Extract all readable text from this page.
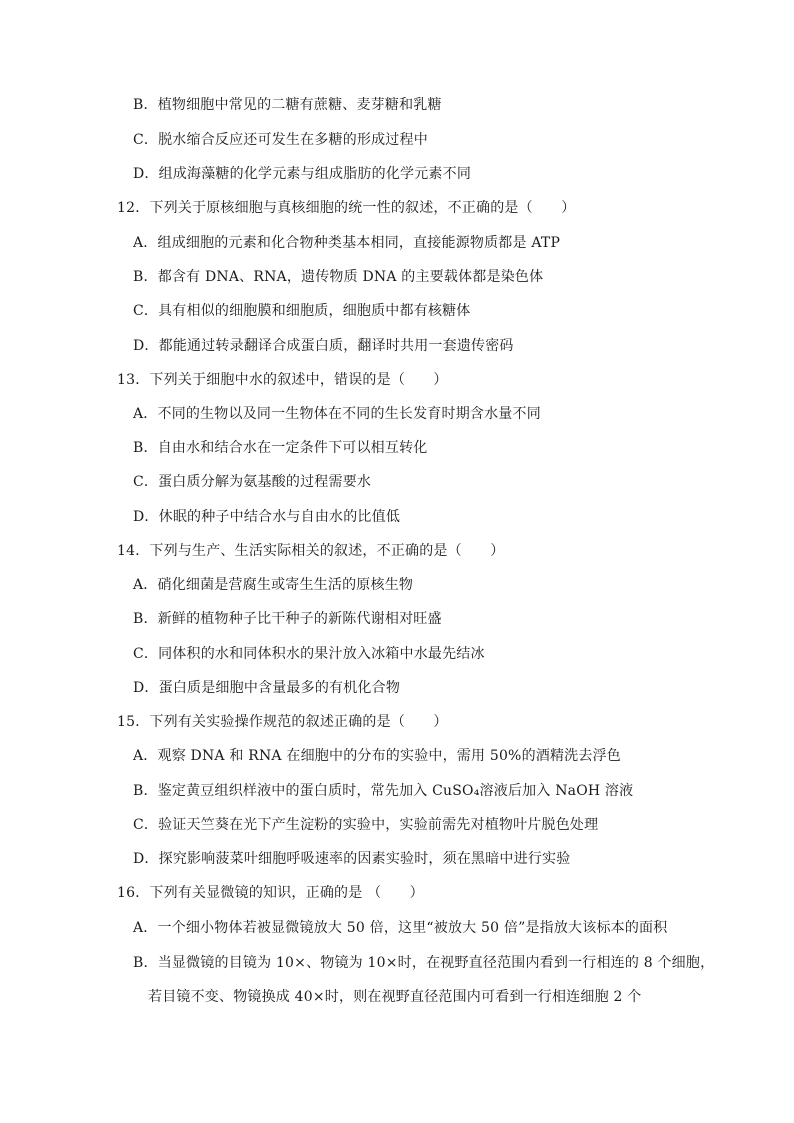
B．植物细胞中常见的二糖有蔗糖、麦芽糖和乳糖
C．脱水缩合反应还可发生在多糖的形成过程中
D．组成海藻糖的化学元素与组成脂肪的化学元素不同
12．下列关于原核细胞与真核细胞的统一性的叙述，不正确的是（　　）
A．组成细胞的元素和化合物种类基本相同，直接能源物质都是 ATP
B．都含有 DNA、RNA，遗传物质 DNA 的主要载体都是染色体
C．具有相似的细胞膜和细胞质，细胞质中都有核糖体
D．都能通过转录翻译合成蛋白质，翻译时共用一套遗传密码
13．下列关于细胞中水的叙述中，错误的是（　　）
A．不同的生物以及同一生物体在不同的生长发育时期含水量不同
B．自由水和结合水在一定条件下可以相互转化
C．蛋白质分解为氨基酸的过程需要水
D．休眠的种子中结合水与自由水的比值低
14．下列与生产、生活实际相关的叙述，不正确的是（　　）
A．硝化细菌是营腐生或寄生生活的原核生物
B．新鲜的植物种子比干种子的新陈代谢相对旺盛
C．同体积的水和同体积水的果汁放入冰箱中水最先结冰
D．蛋白质是细胞中含量最多的有机化合物
15．下列有关实验操作规范的叙述正确的是（　　）
A．观察 DNA 和 RNA 在细胞中的分布的实验中，需用 50%的酒精洗去浮色
B．鉴定黄豆组织样液中的蛋白质时，常先加入 CuSO₄溶液后加入 NaOH 溶液
C．验证天竺葵在光下产生淀粉的实验中，实验前需先对植物叶片脱色处理
D．探究影响菠菜叶细胞呼吸速率的因素实验时，须在黑暗中进行实验
16．下列有关显微镜的知识，正确的是 （　　）
A．一个细小物体若被显微镜放大 50 倍，这里“被放大 50 倍”是指放大该标本的面积
B．当显微镜的目镜为 10×、物镜为 10×时，在视野直径范围内看到一行相连的 8 个细胞，
若目镜不变、物镜换成 40×时，则在视野直径范围内可看到一行相连细胞 2 个
